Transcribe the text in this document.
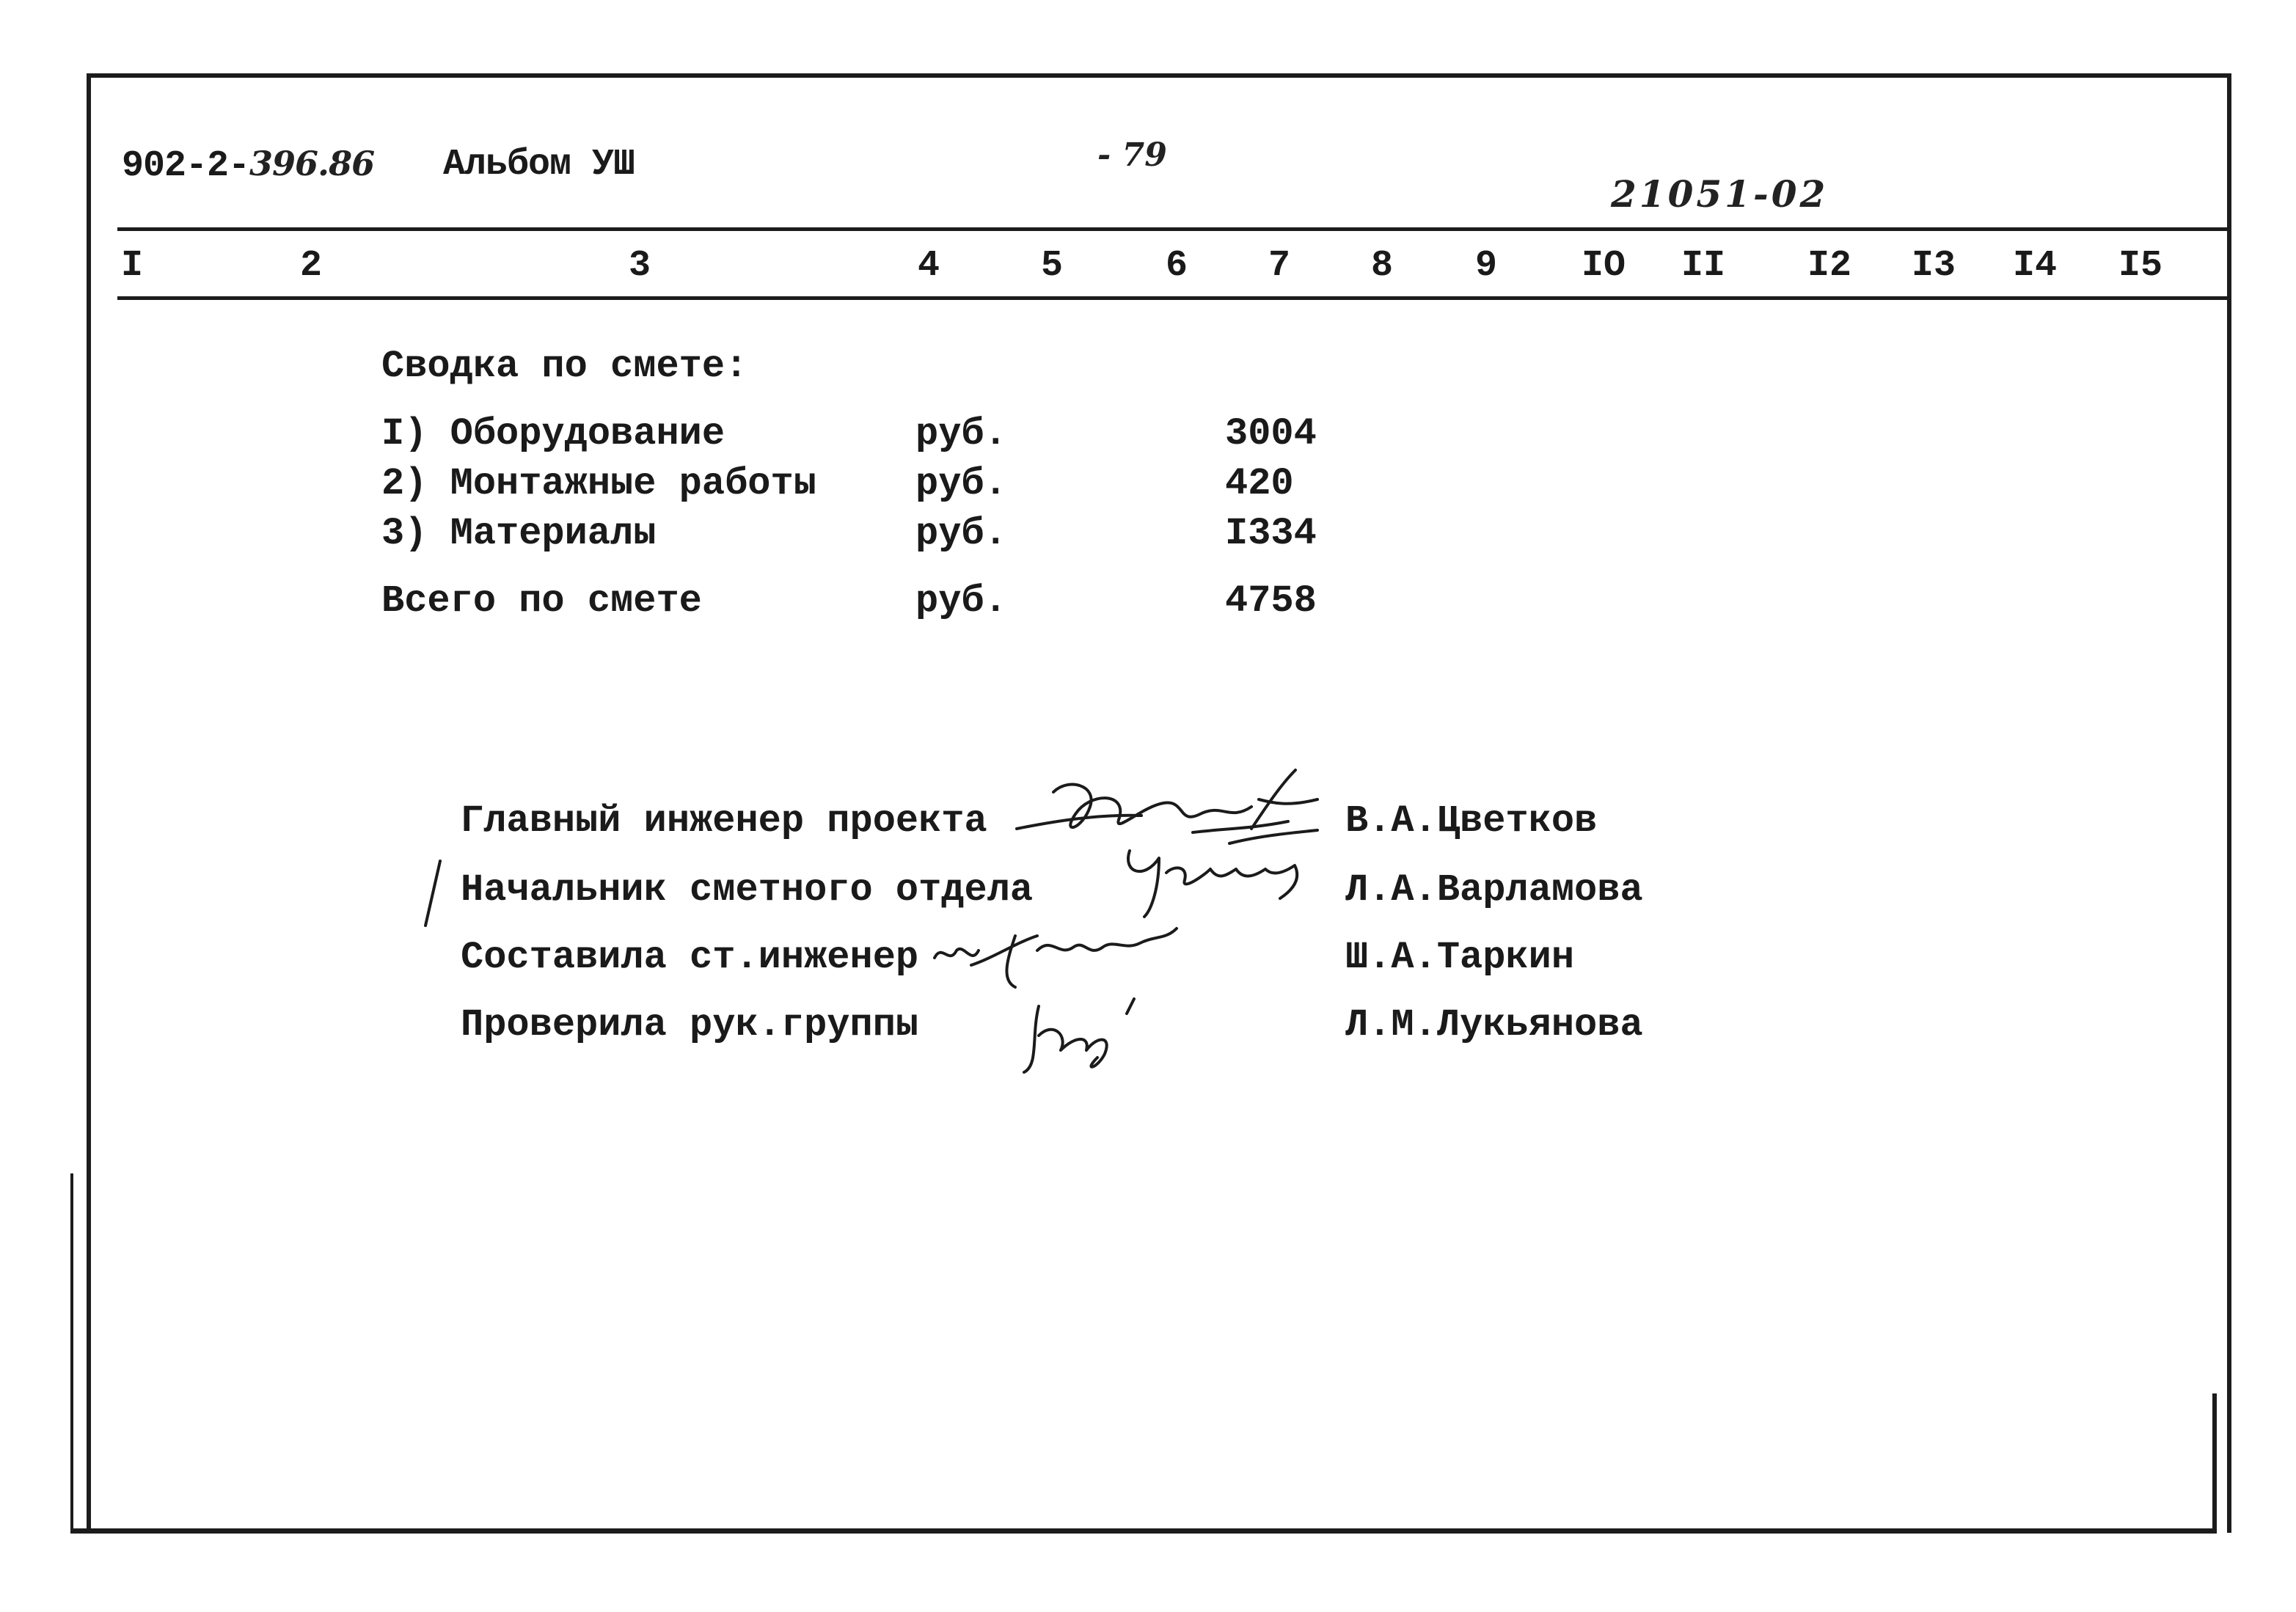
902-2-396.86 Альбом УШ	- 79
21051-02
I	2	3	4	5	6 7 8 9 IO II I2 I3 I4 I5
Сводка по смете:
I) Оборудование	руб.	3004
2) Монтажные работы	руб.	420
3) Материалы	руб.	I334
Всего по смете	руб.	4758
Главный инженер проекта	В.А.Цветков
Начальник сметного отдела	Л.А.Варламова
Составила ст.инженер	Ш.А.Таркин
Проверила рук.группы	Л.М.Лукьянова
